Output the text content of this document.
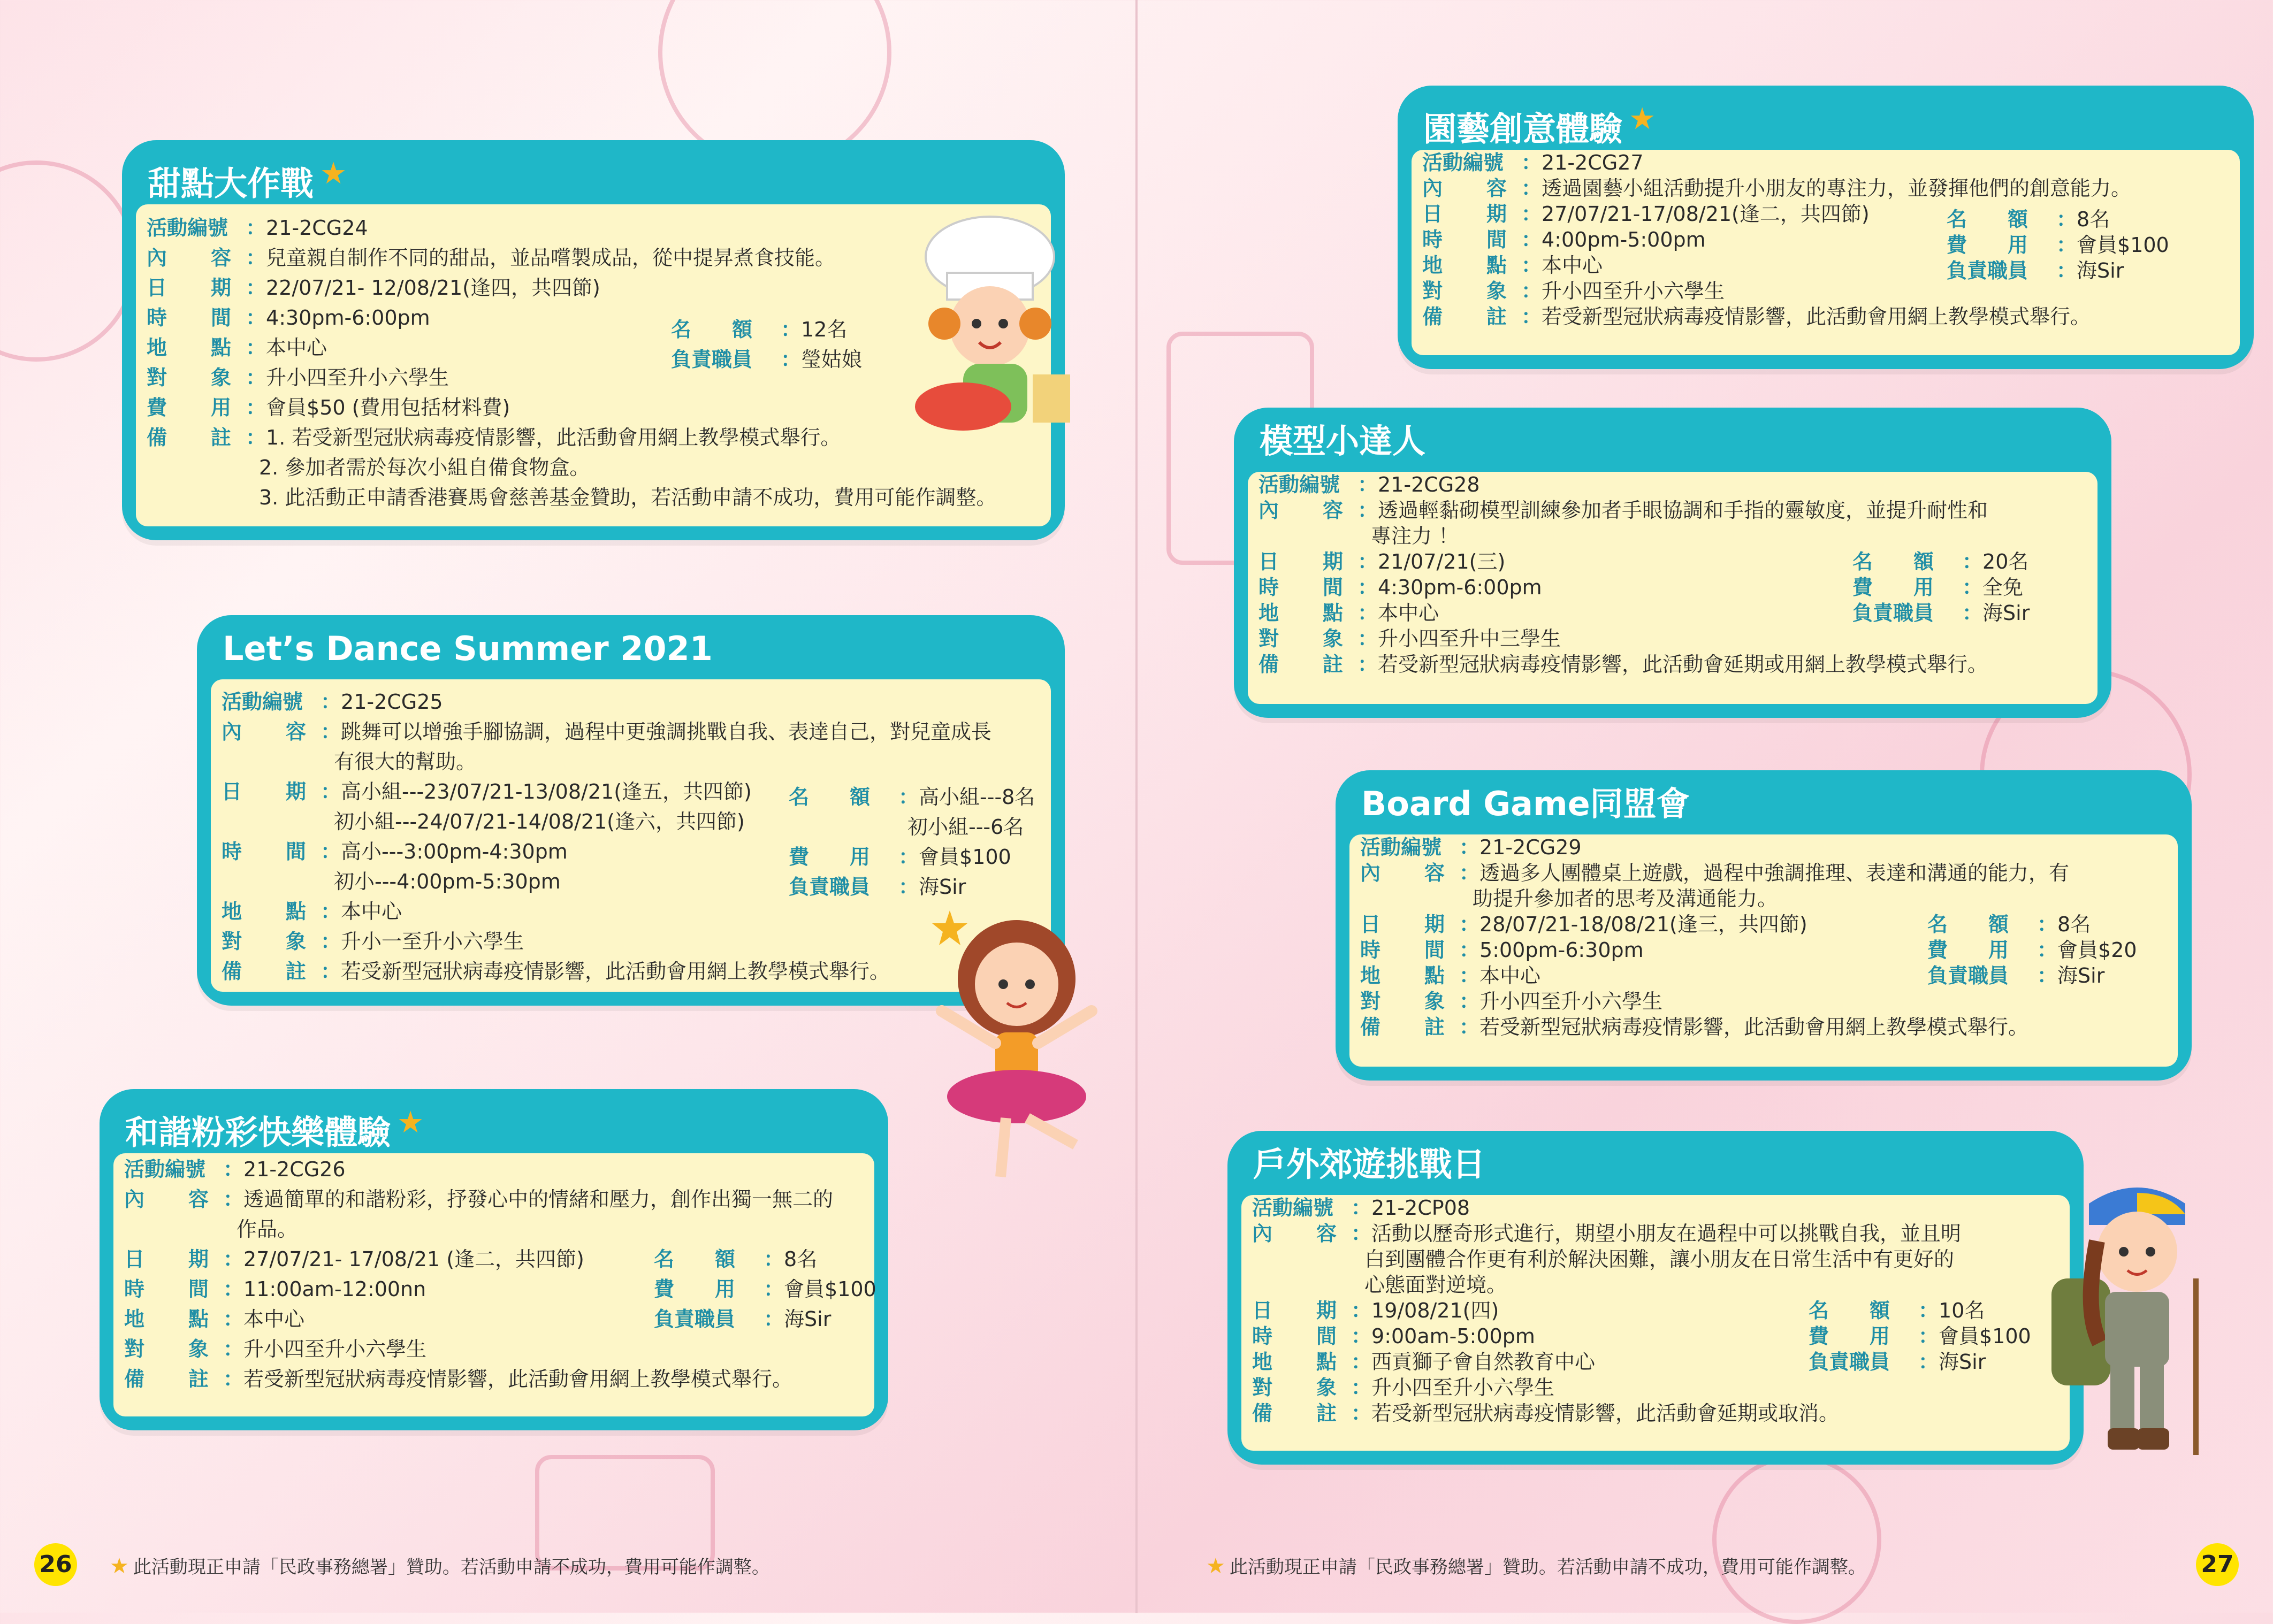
甜點大作戰 ★
活動編號 ：21-2CG24
內　　容 ：兒童親自制作不同的甜品，並品嚐製成品，從中提昇煮食技能。
日　　期 ：22/07/21- 12/08/21(逢四，共四節)
時　　間 ：4:30pm-6:00pm
地　　點 ：本中心
對　　象 ：升小四至升小六學生
費　　用 ：會員$50 (費用包括材料費)
備　　註 ：1. 若受新型冠狀病毒疫情影響，此活動會用網上教學模式舉行。
2. 參加者需於每次小組自備食物盒。
3. 此活動正申請香港賽馬會慈善基金贊助，若活動申請不成功，費用可能作調整。
名　　額 ：12名
負責職員 ：瑩姑娘
Let’s Dance Summer 2021
活動編號 ：21-2CG25
內　　容 ：跳舞可以增強手腳協調，過程中更強調挑戰自我、表達自己，對兒童成長
有很大的幫助。
日　　期 ：高小組---23/07/21-13/08/21(逢五，共四節)
初小組---24/07/21-14/08/21(逢六，共四節)
時　　間 ：高小---3:00pm-4:30pm
初小---4:00pm-5:30pm
地　　點 ：本中心
對　　象 ：升小一至升小六學生
備　　註 ：若受新型冠狀病毒疫情影響，此活動會用網上教學模式舉行。
名　　額 ：高小組---8名
初小組---6名
費　　用 ：會員$100
負責職員 ：海Sir
和諧粉彩快樂體驗 ★
活動編號 ：21-2CG26
內　　容 ：透過簡單的和諧粉彩，抒發心中的情緒和壓力，創作出獨一無二的
作品。
日　　期 ：27/07/21- 17/08/21 (逢二，共四節)
時　　間 ：11:00am-12:00nn
地　　點 ：本中心
對　　象 ：升小四至升小六學生
備　　註 ：若受新型冠狀病毒疫情影響，此活動會用網上教學模式舉行。
名　　額 ：8名
費　　用 ：會員$100
負責職員 ：海Sir
26 ★ 此活動現正申請「民政事務總署」贊助。若活動申請不成功，費用可能作調整。
園藝創意體驗 ★
活動編號 ：21-2CG27
內　　容 ：透過園藝小組活動提升小朋友的專注力，並發揮他們的創意能力。
日　　期 ：27/07/21-17/08/21(逢二，共四節)
時　　間 ：4:00pm-5:00pm
地　　點 ：本中心
對　　象 ：升小四至升小六學生
備　　註 ：若受新型冠狀病毒疫情影響，此活動會用網上教學模式舉行。
名　　額 ：8名
費　　用 ：會員$100
負責職員 ：海Sir
模型小達人
活動編號 ：21-2CG28
內　　容 ：透過輕黏砌模型訓練參加者手眼協調和手指的靈敏度，並提升耐性和
專注力 ！
日　　期 ：21/07/21(三)
時　　間 ：4:30pm-6:00pm
地　　點 ：本中心
對　　象 ：升小四至升中三學生
備　　註 ：若受新型冠狀病毒疫情影響，此活動會延期或用網上教學模式舉行。
名　　額 ：20名
費　　用 ：全免
負責職員 ：海Sir
Board Game同盟會
活動編號 ：21-2CG29
內　　容 ：透過多人團體桌上遊戲，過程中強調推理、表達和溝通的能力，有
助提升參加者的思考及溝通能力。
日　　期 ：28/07/21-18/08/21(逢三，共四節)
時　　間 ：5:00pm-6:30pm
地　　點 ：本中心
對　　象 ：升小四至升小六學生
備　　註 ：若受新型冠狀病毒疫情影響，此活動會用網上教學模式舉行。
名　　額 ：8名
費　　用 ：會員$20
負責職員 ：海Sir
戶外郊遊挑戰日
活動編號 ：21-2CP08
內　　容 ：活動以歷奇形式進行，期望小朋友在過程中可以挑戰自我，並且明
白到團體合作更有利於解決困難，讓小朋友在日常生活中有更好的
心態面對逆境。
日　　期 ：19/08/21(四)
時　　間 ：9:00am-5:00pm
地　　點 ：西貢獅子會自然教育中心
對　　象 ：升小四至升小六學生
備　　註 ：若受新型冠狀病毒疫情影響，此活動會延期或取消。
名　　額 ：10名
費　　用 ：會員$100
負責職員 ：海Sir
★ 此活動現正申請「民政事務總署」贊助。若活動申請不成功，費用可能作調整。	27
